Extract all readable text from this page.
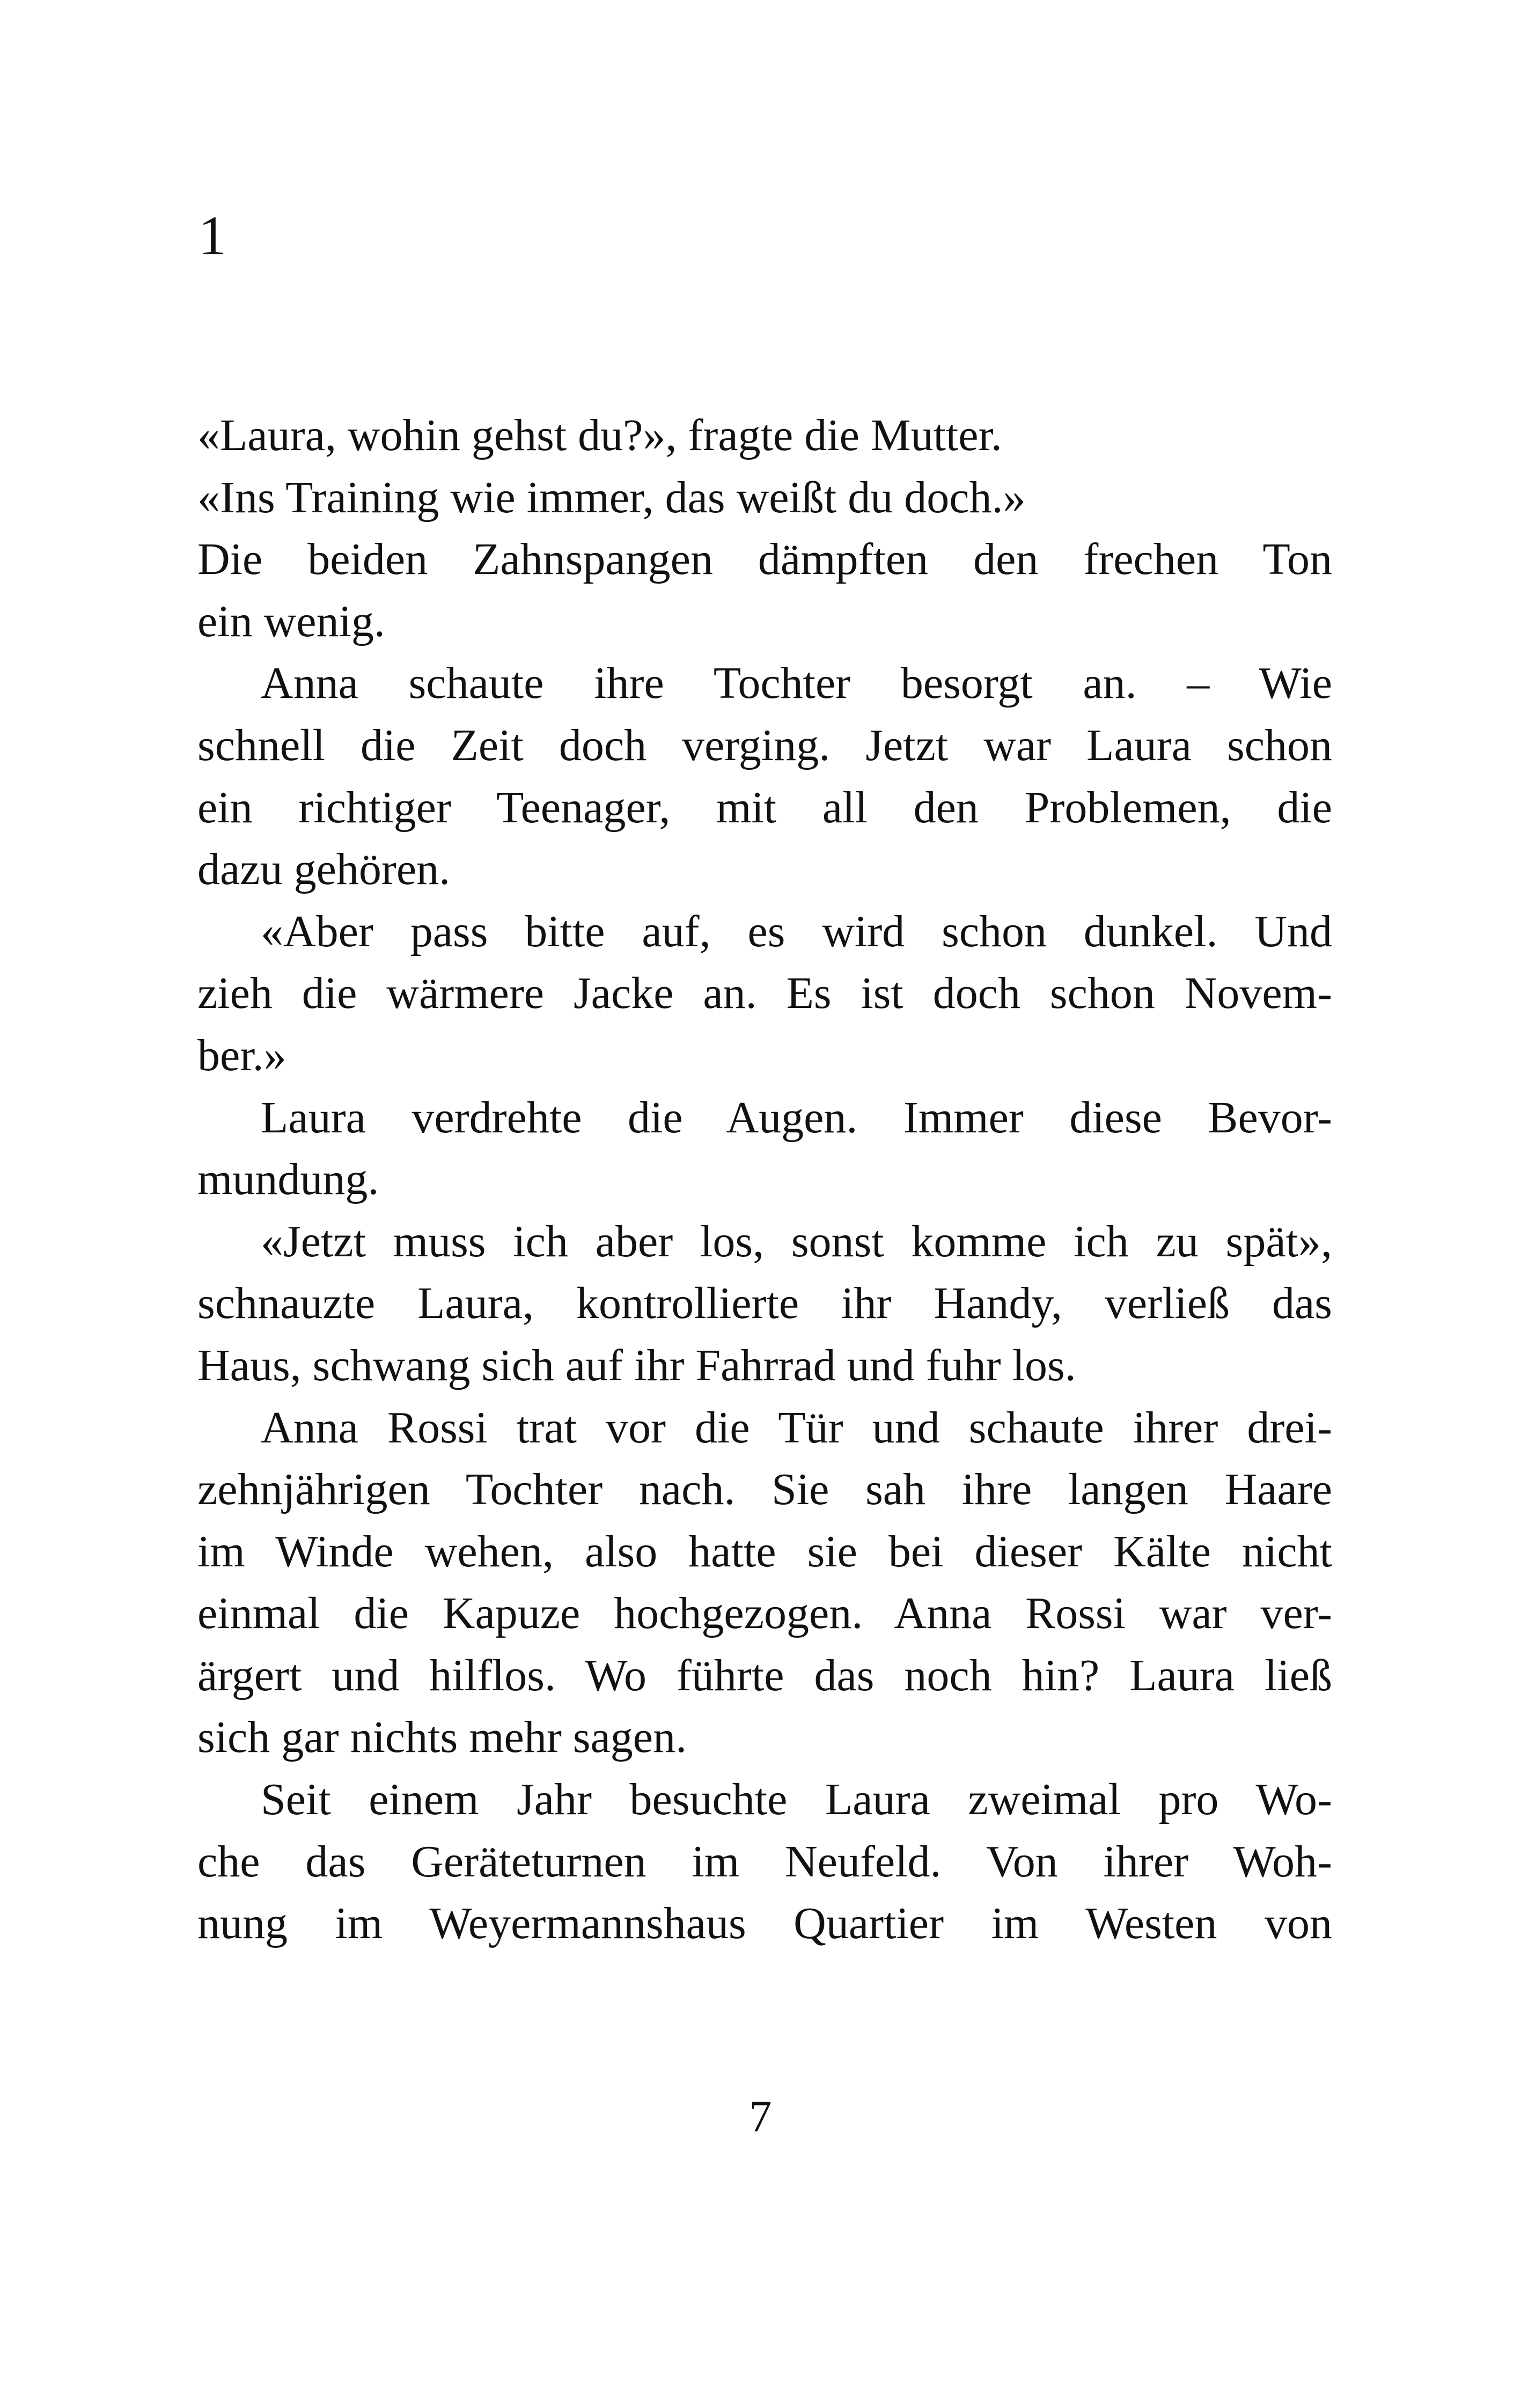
1
«Laura, wohin gehst du?», fragte die Mutter.
«Ins Training wie immer, das weißt du doch.»
Die beiden Zahnspangen dämpften den frechen Ton
ein wenig.
Anna schaute ihre Tochter besorgt an. – Wie
schnell die Zeit doch verging. Jetzt war Laura schon
ein richtiger Teenager, mit all den Problemen, die
dazu gehören.
«Aber pass bitte auf, es wird schon dunkel. Und
zieh die wärmere Jacke an. Es ist doch schon Novem-
ber.»
Laura verdrehte die Augen. Immer diese Bevor-
mundung.
«Jetzt muss ich aber los, sonst komme ich zu spät»,
schnauzte Laura, kontrollierte ihr Handy, verließ das
Haus, schwang sich auf ihr Fahrrad und fuhr los.
Anna Rossi trat vor die Tür und schaute ihrer drei-
zehnjährigen Tochter nach. Sie sah ihre langen Haare
im Winde wehen, also hatte sie bei dieser Kälte nicht
einmal die Kapuze hochgezogen. Anna Rossi war ver-
ärgert und hilflos. Wo führte das noch hin? Laura ließ
sich gar nichts mehr sagen.
Seit einem Jahr besuchte Laura zweimal pro Wo-
che das Geräteturnen im Neufeld. Von ihrer Woh-
nung im Weyermannshaus Quartier im Westen von
7
